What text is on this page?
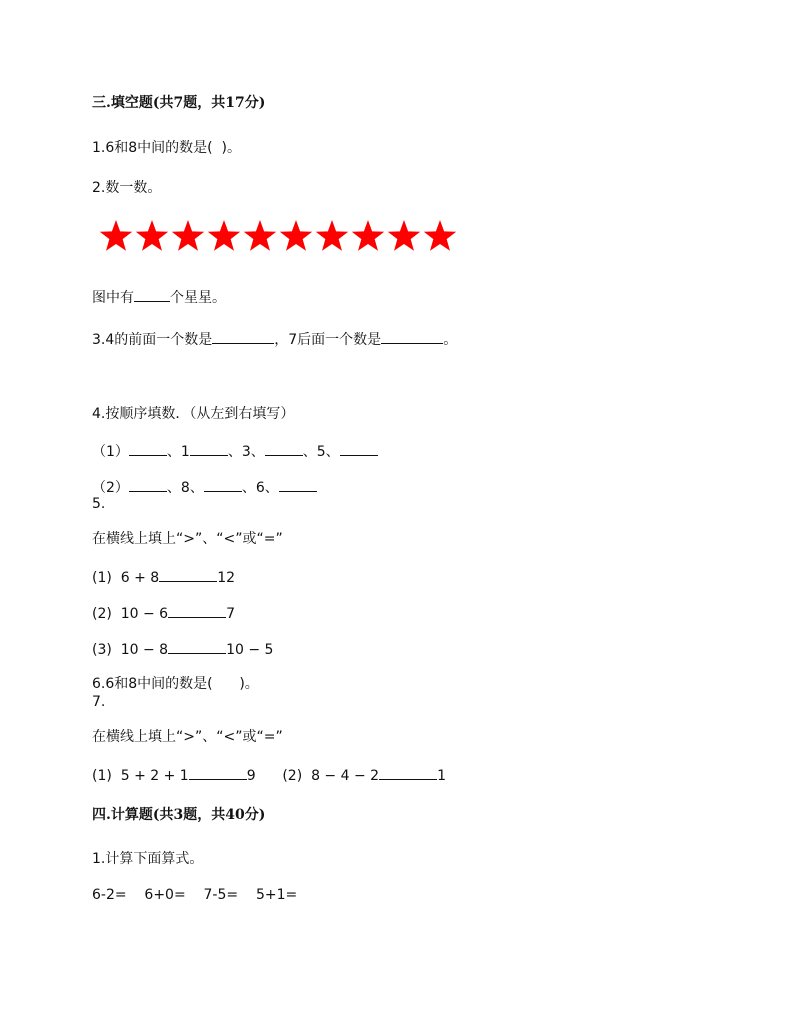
三.填空题(共7题，共17分)
1.6和8中间的数是(  )。
2.数一数。
图中有	个星星。
3.4的前面一个数是	，7后面一个数是	。
4.按顺序填数．（从左到右填写）
（1）	、1	、3、	、5、
（2）	、8、	、6、
5.
在横线上填上“>”、“<”或“=”
(1)  6 + 8	12
(2)  10 − 6	7
(3)  10 − 8	10 − 5
6.6和8中间的数是(      )。
7.
在横线上填上“>”、“<”或“=”
(1)  5 + 2 + 1	9 (2)  8 − 4 − 2	1
四.计算题(共3题，共40分)
1.计算下面算式。
6-2= 6+0= 7-5= 5+1=
